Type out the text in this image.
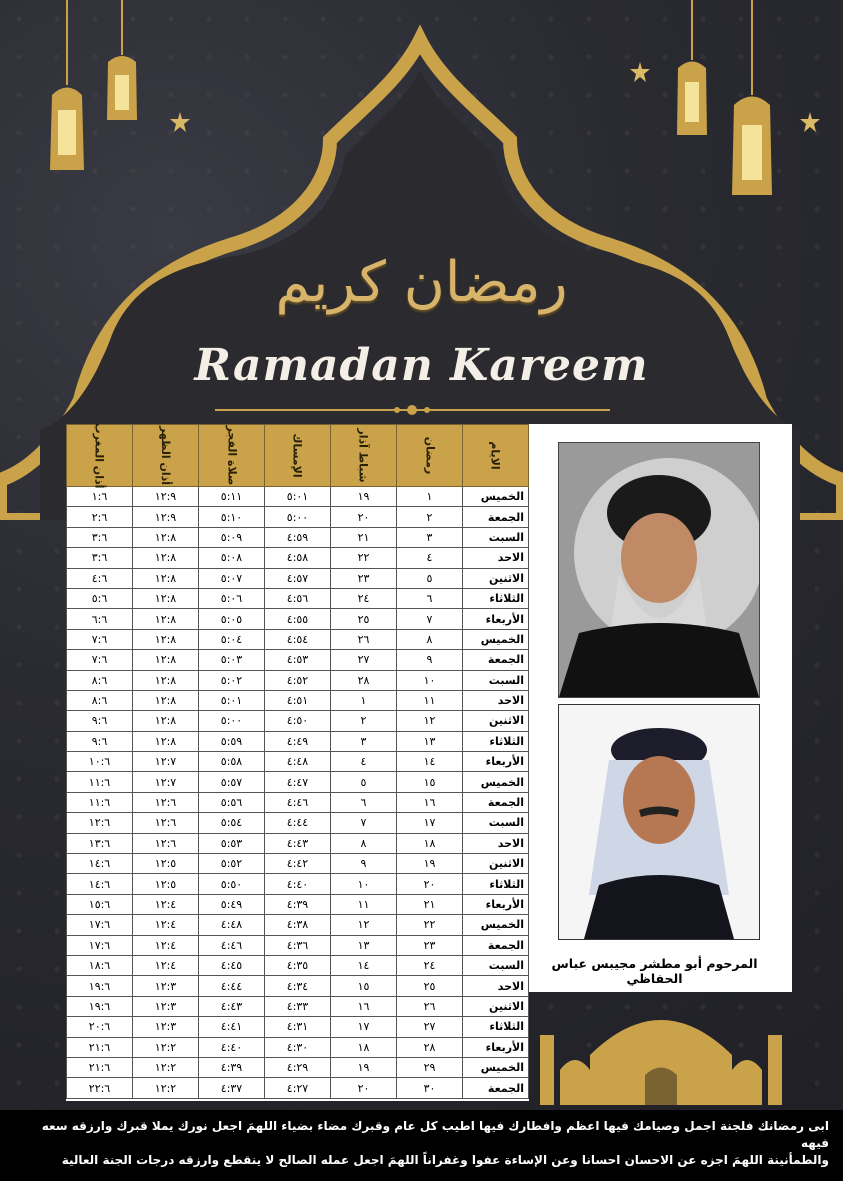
رمضان كريم
Ramadan Kareem
الايام	رمضان	شباط آذار	الإمساك	صلاة الفجر	أذان الظهر	أذان المغرب
الخميس	١	١٩	٥:٠١	٥:١١	١٢:٩	١:٦
الجمعة	٢	٢٠	٥:٠٠	٥:١٠	١٢:٩	٢:٦
السبت	٣	٢١	٤:٥٩	٥:٠٩	١٢:٨	٣:٦
الاحد	٤	٢٢	٤:٥٨	٥:٠٨	١٢:٨	٣:٦
الاثنين	٥	٢٣	٤:٥٧	٥:٠٧	١٢:٨	٤:٦
الثلاثاء	٦	٢٤	٤:٥٦	٥:٠٦	١٢:٨	٥:٦
الأربعاء	٧	٢٥	٤:٥٥	٥:٠٥	١٢:٨	٦:٦
الخميس	٨	٢٦	٤:٥٤	٥:٠٤	١٢:٨	٧:٦
الجمعة	٩	٢٧	٤:٥٣	٥:٠٣	١٢:٨	٧:٦
السبت	١٠	٢٨	٤:٥٢	٥:٠٢	١٢:٨	٨:٦
الاحد	١١	١	٤:٥١	٥:٠١	١٢:٨	٨:٦
الاثنين	١٢	٢	٤:٥٠	٥:٠٠	١٢:٨	٩:٦
الثلاثاء	١٣	٣	٤:٤٩	٥:٥٩	١٢:٨	٩:٦
الأربعاء	١٤	٤	٤:٤٨	٥:٥٨	١٢:٧	١٠:٦
الخميس	١٥	٥	٤:٤٧	٥:٥٧	١٢:٧	١١:٦
الجمعة	١٦	٦	٤:٤٦	٥:٥٦	١٢:٦	١١:٦
السبت	١٧	٧	٤:٤٤	٥:٥٤	١٢:٦	١٢:٦
الاحد	١٨	٨	٤:٤٣	٥:٥٣	١٢:٦	١٣:٦
الاثنين	١٩	٩	٤:٤٢	٥:٥٢	١٢:٥	١٤:٦
الثلاثاء	٢٠	١٠	٤:٤٠	٥:٥٠	١٢:٥	١٤:٦
الأربعاء	٢١	١١	٤:٣٩	٥:٤٩	١٢:٤	١٥:٦
الخميس	٢٢	١٢	٤:٣٨	٤:٤٨	١٢:٤	١٧:٦
الجمعة	٢٣	١٣	٤:٣٦	٤:٤٦	١٢:٤	١٧:٦
السبت	٢٤	١٤	٤:٣٥	٤:٤٥	١٢:٤	١٨:٦
الاحد	٢٥	١٥	٤:٣٤	٤:٤٤	١٢:٣	١٩:٦
الاثنين	٢٦	١٦	٤:٣٣	٤:٤٣	١٢:٣	١٩:٦
الثلاثاء	٢٧	١٧	٤:٣١	٤:٤١	١٢:٣	٢٠:٦
الأربعاء	٢٨	١٨	٤:٣٠	٤:٤٠	١٢:٢	٢١:٦
الخميس	٢٩	١٩	٤:٢٩	٤:٣٩	١٢:٢	٢١:٦
الجمعة	٣٠	٢٠	٤:٢٧	٤:٣٧	١٢:٢	٢٢:٦
المرحوم أبو مطشر مجيبس عباس الحفاظي

ابى رمضانك فلجنة اجمل وصيامك فيها اعظم وافطارك فيها اطيب كل عام وقبرك مضاء بضياء اللهمَ اجعل نورك يملا قبرك وارزقه سعه فيهه

والطمأنينة اللهمَ اجزه عن الاحسان احسانا وعن الإساءة عفوا وغفراناً اللهمَ اجعل عمله الصالح لا ينقطع وارزقه درجات الجنة العالية
